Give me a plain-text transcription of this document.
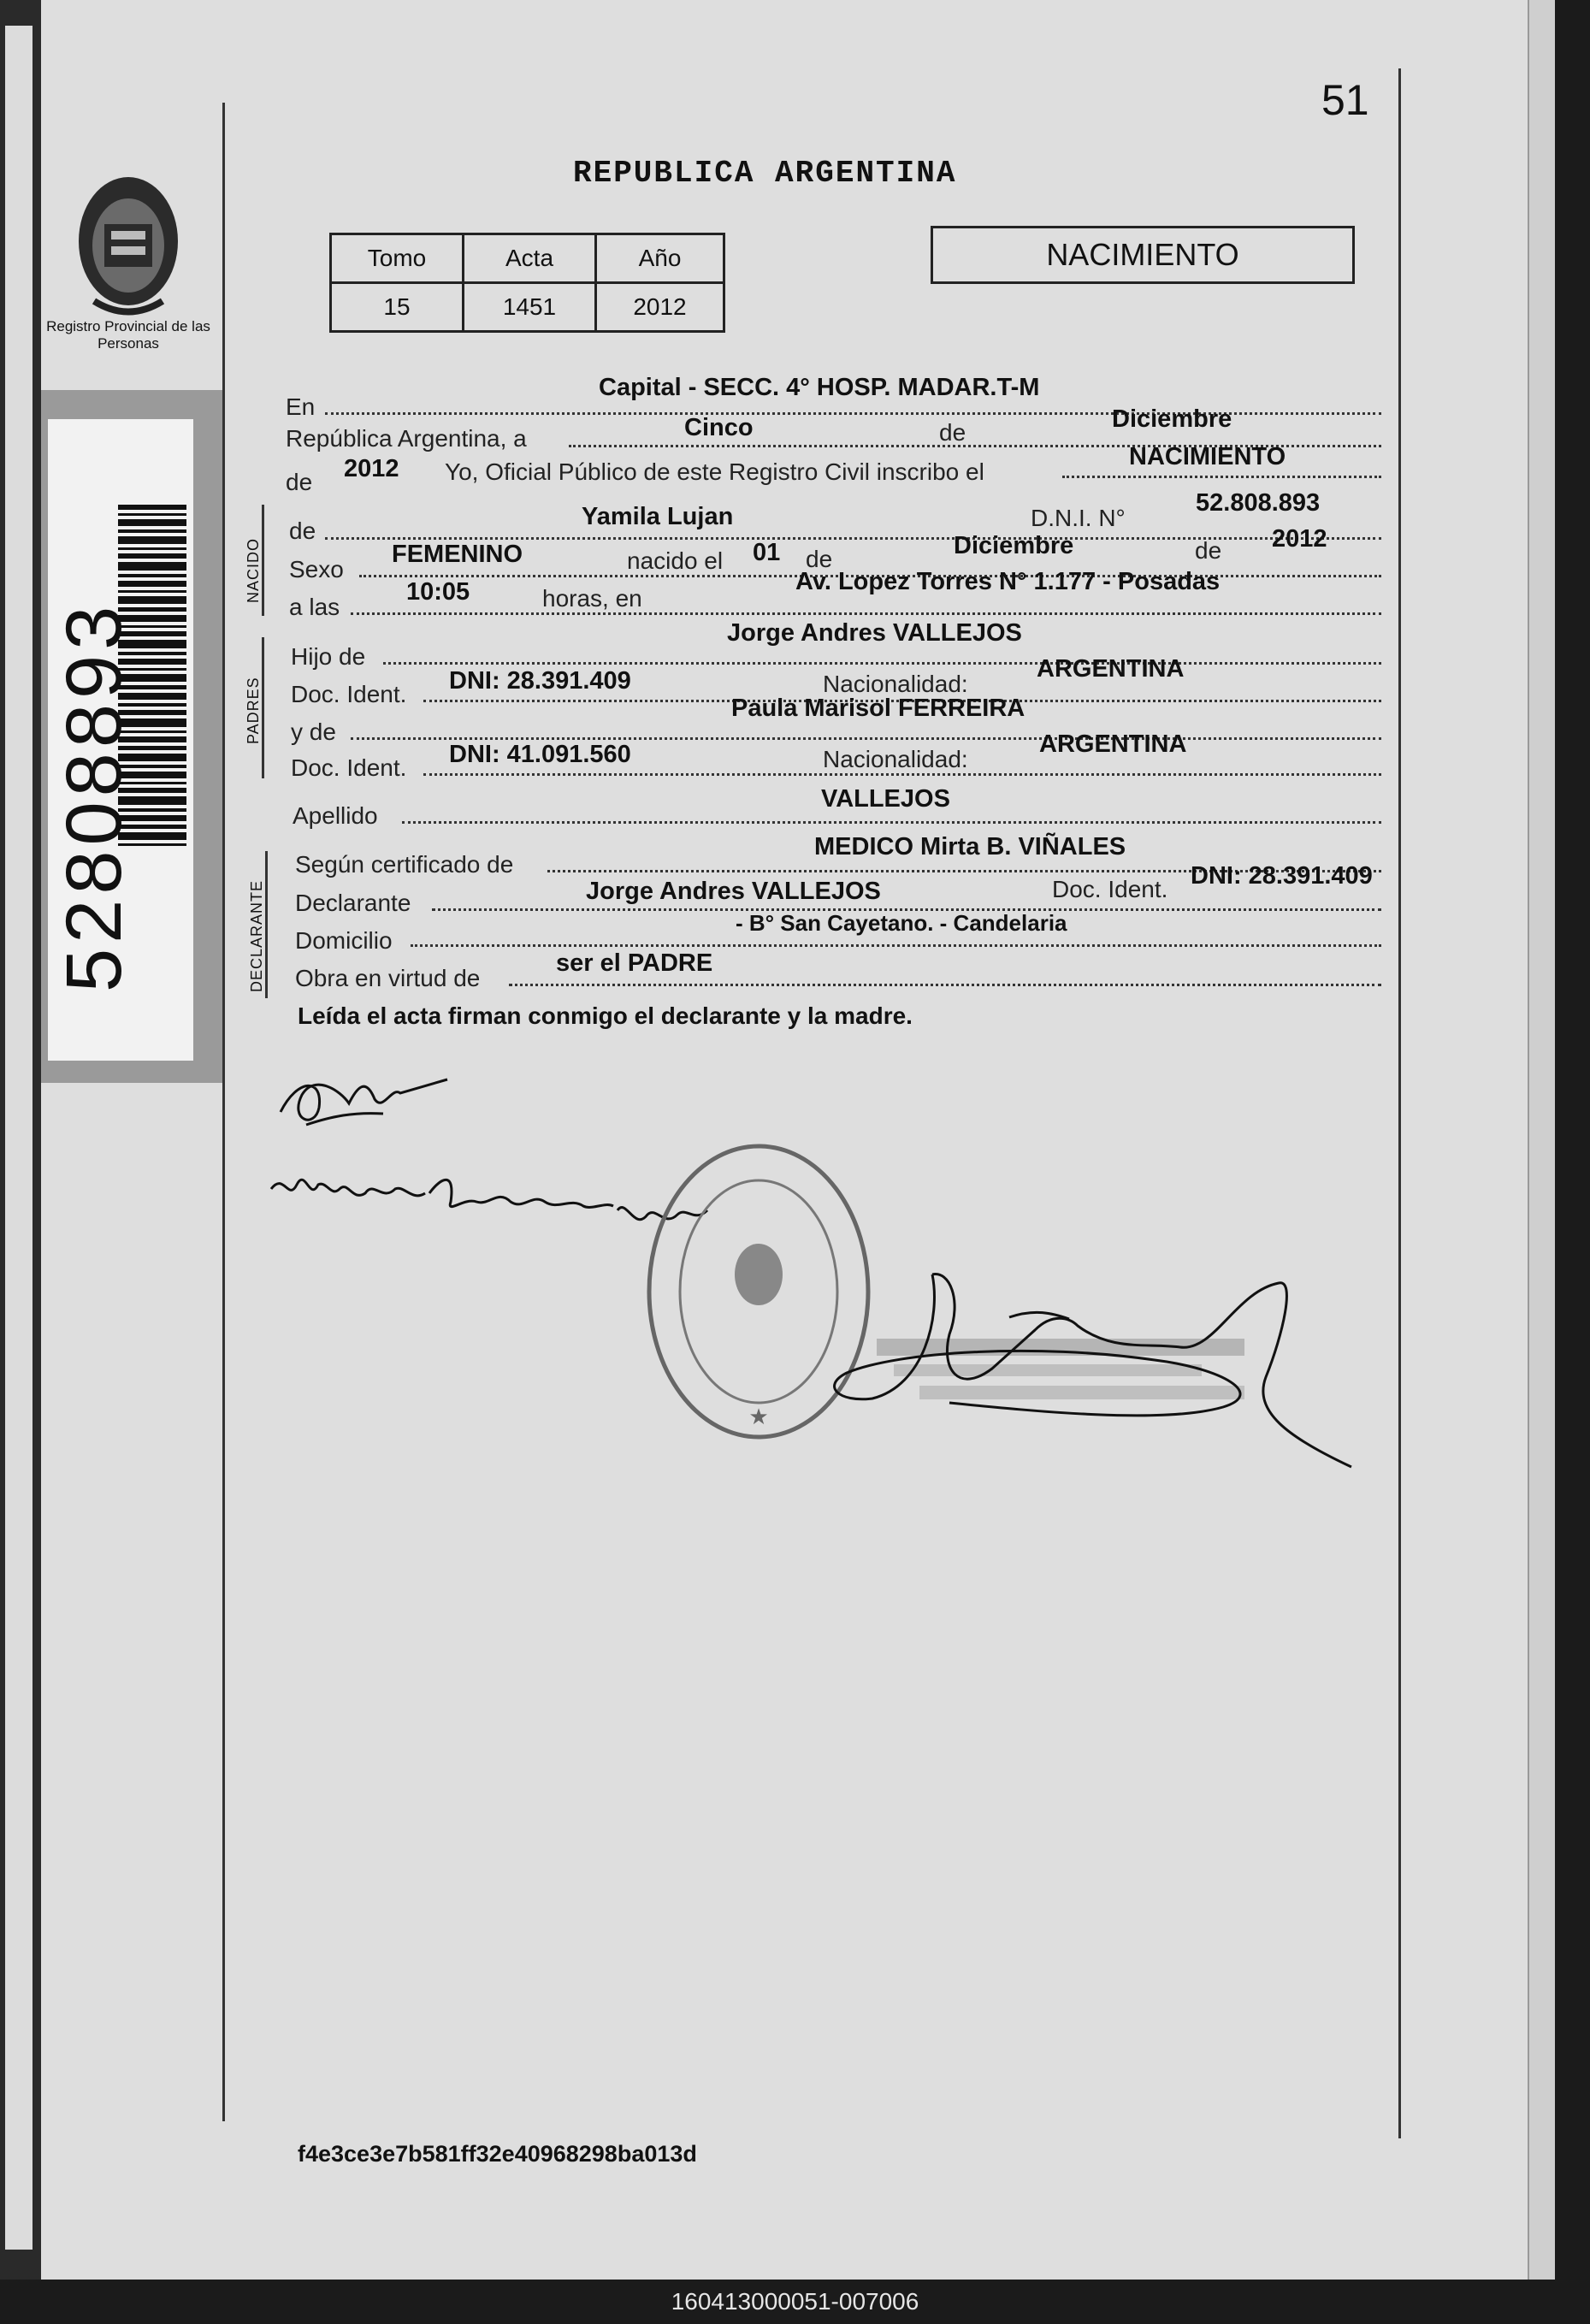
51
REPUBLICA ARGENTINA
Tomo	Acta	Año
15	1451	2012
NACIMIENTO
Registro Provincial de las Personas
52808893
En
Capital - SECC. 4° HOSP. MADAR.T-M
República Argentina, a	Cinco	de	Diciembre
de 2012 Yo, Oficial Público de este Registro Civil inscribo el
NACIMIENTO
NACIDO
de
Yamila Lujan	D.N.I. N°
52.808.893
Sexo
FEMENINO	nacido el 01 de	Diciembre	de 2012
a las
10:05	horas, en
Av. Lopez Torres N° 1.177 - Posadas
PADRES
Hijo de
Jorge Andres VALLEJOS
Doc. Ident. DNI: 28.391.409	Nacionalidad:
ARGENTINA
y de
Paula Marisol FERREIRA
Doc. Ident. DNI: 41.091.560	Nacionalidad:
ARGENTINA
Apellido
VALLEJOS
DECLARANTE
Según certificado de
MEDICO Mirta B. VIÑALES
Declarante	Jorge Andres VALLEJOS	Doc. Ident. DNI: 28.391.409
Domicilio
- B° San Cayetano. - Candelaria
Obra en virtud de
ser el PADRE
Leída el acta firman conmigo el declarante y la madre.
★
f4e3ce3e7b581ff32e40968298ba013d
160413000051-007006
